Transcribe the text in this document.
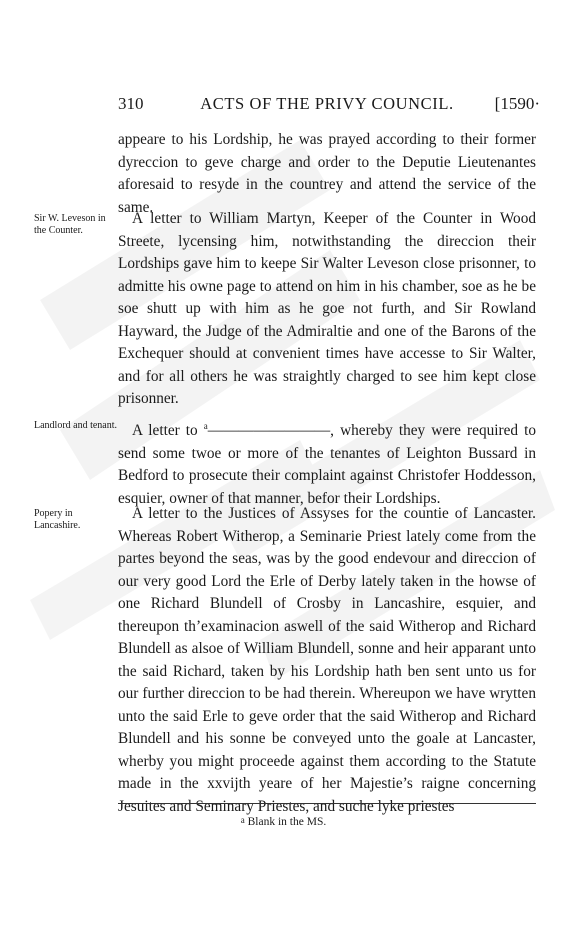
310	ACTS OF THE PRIVY COUNCIL.	[1590·
appeare to his Lordship, he was prayed according to their former dyreccion to geve charge and order to the Deputie Lieutenantes aforesaid to resyde in the countrey and attend the service of the same.
Sir W. Leveson in the Counter.
A letter to William Martyn, Keeper of the Counter in Wood Streete, lycensing him, notwithstanding the direccion their Lordships gave him to keepe Sir Walter Leveson close prisonner, to admitte his owne page to attend on him in his chamber, soe as he be soe shutt up with him as he goe not furth, and Sir Rowland Hayward, the Judge of the Admiraltie and one of the Barons of the Exchequer should at convenient times have accesse to Sir Walter, and for all others he was straightly charged to see him kept close prisonner.
Landlord and tenant. A letter to $^a$————————, whereby they were required to send some twoe or more of the tenantes of Leighton Bussard in Bedford to prosecute their complaint against Christofer Hoddesson, esquier, owner of that manner, befor their Lordships.
Popery in Lancashire.
A letter to the Justices of Assyses for the countie of Lancaster. Whereas Robert Witherop, a Seminarie Priest lately come from the partes beyond the seas, was by the good endevour and direccion of our very good Lord the Erle of Derby lately taken in the howse of one Richard Blundell of Crosby in Lancashire, esquier, and thereupon th’examinacion aswell of the said Witherop and Richard Blundell as alsoe of William Blundell, sonne and heir apparant unto the said Richard, taken by his Lordship hath ben sent unto us for our further direccion to be had therein. Whereupon we have wrytten unto the said Erle to geve order that the said Witherop and Richard Blundell and his sonne be conveyed unto the goale at Lancaster, wherby you might proceede against them according to the Statute made in the xxvijth yeare of her Majestie’s raigne concerning Jesuites and Seminary Priestes, and suche lyke priestes
a Blank in the MS.
